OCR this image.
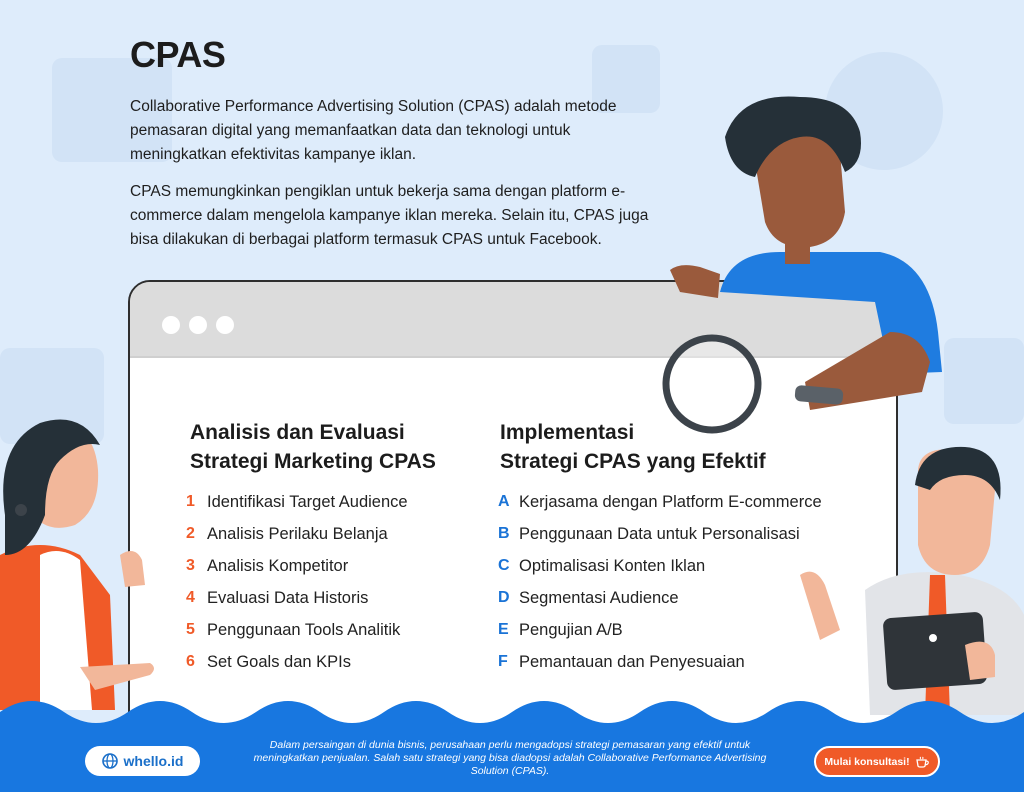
CPAS

Collaborative Performance Advertising Solution (CPAS) adalah metode pemasaran digital yang memanfaatkan data dan teknologi untuk meningkatkan efektivitas kampanye iklan.

CPAS memungkinkan pengiklan untuk bekerja sama dengan platform e-commerce dalam mengelola kampanye iklan mereka. Selain itu, CPAS juga bisa dilakukan di berbagai platform termasuk CPAS untuk Facebook.

Analisis dan Evaluasi
Strategi Marketing CPAS
1 Identifikasi Target Audience
2 Analisis Perilaku Belanja
3 Analisis Kompetitor
4 Evaluasi Data Historis
5 Penggunaan Tools Analitik
6 Set Goals dan KPIs
Implementasi
Strategi CPAS yang Efektif
A Kerjasama dengan Platform E-commerce
B Penggunaan Data untuk Personalisasi
C Optimalisasi Konten Iklan
D Segmentasi Audience
E Pengujian A/B
F Pemantauan dan Penyesuaian
whello.id

Dalam persaingan di dunia bisnis, perusahaan perlu mengadopsi strategi pemasaran yang efektif untuk meningkatkan penjualan. Salah satu strategi yang bisa diadopsi adalah Collaborative Performance Advertising Solution (CPAS).

Mulai konsultasi!
